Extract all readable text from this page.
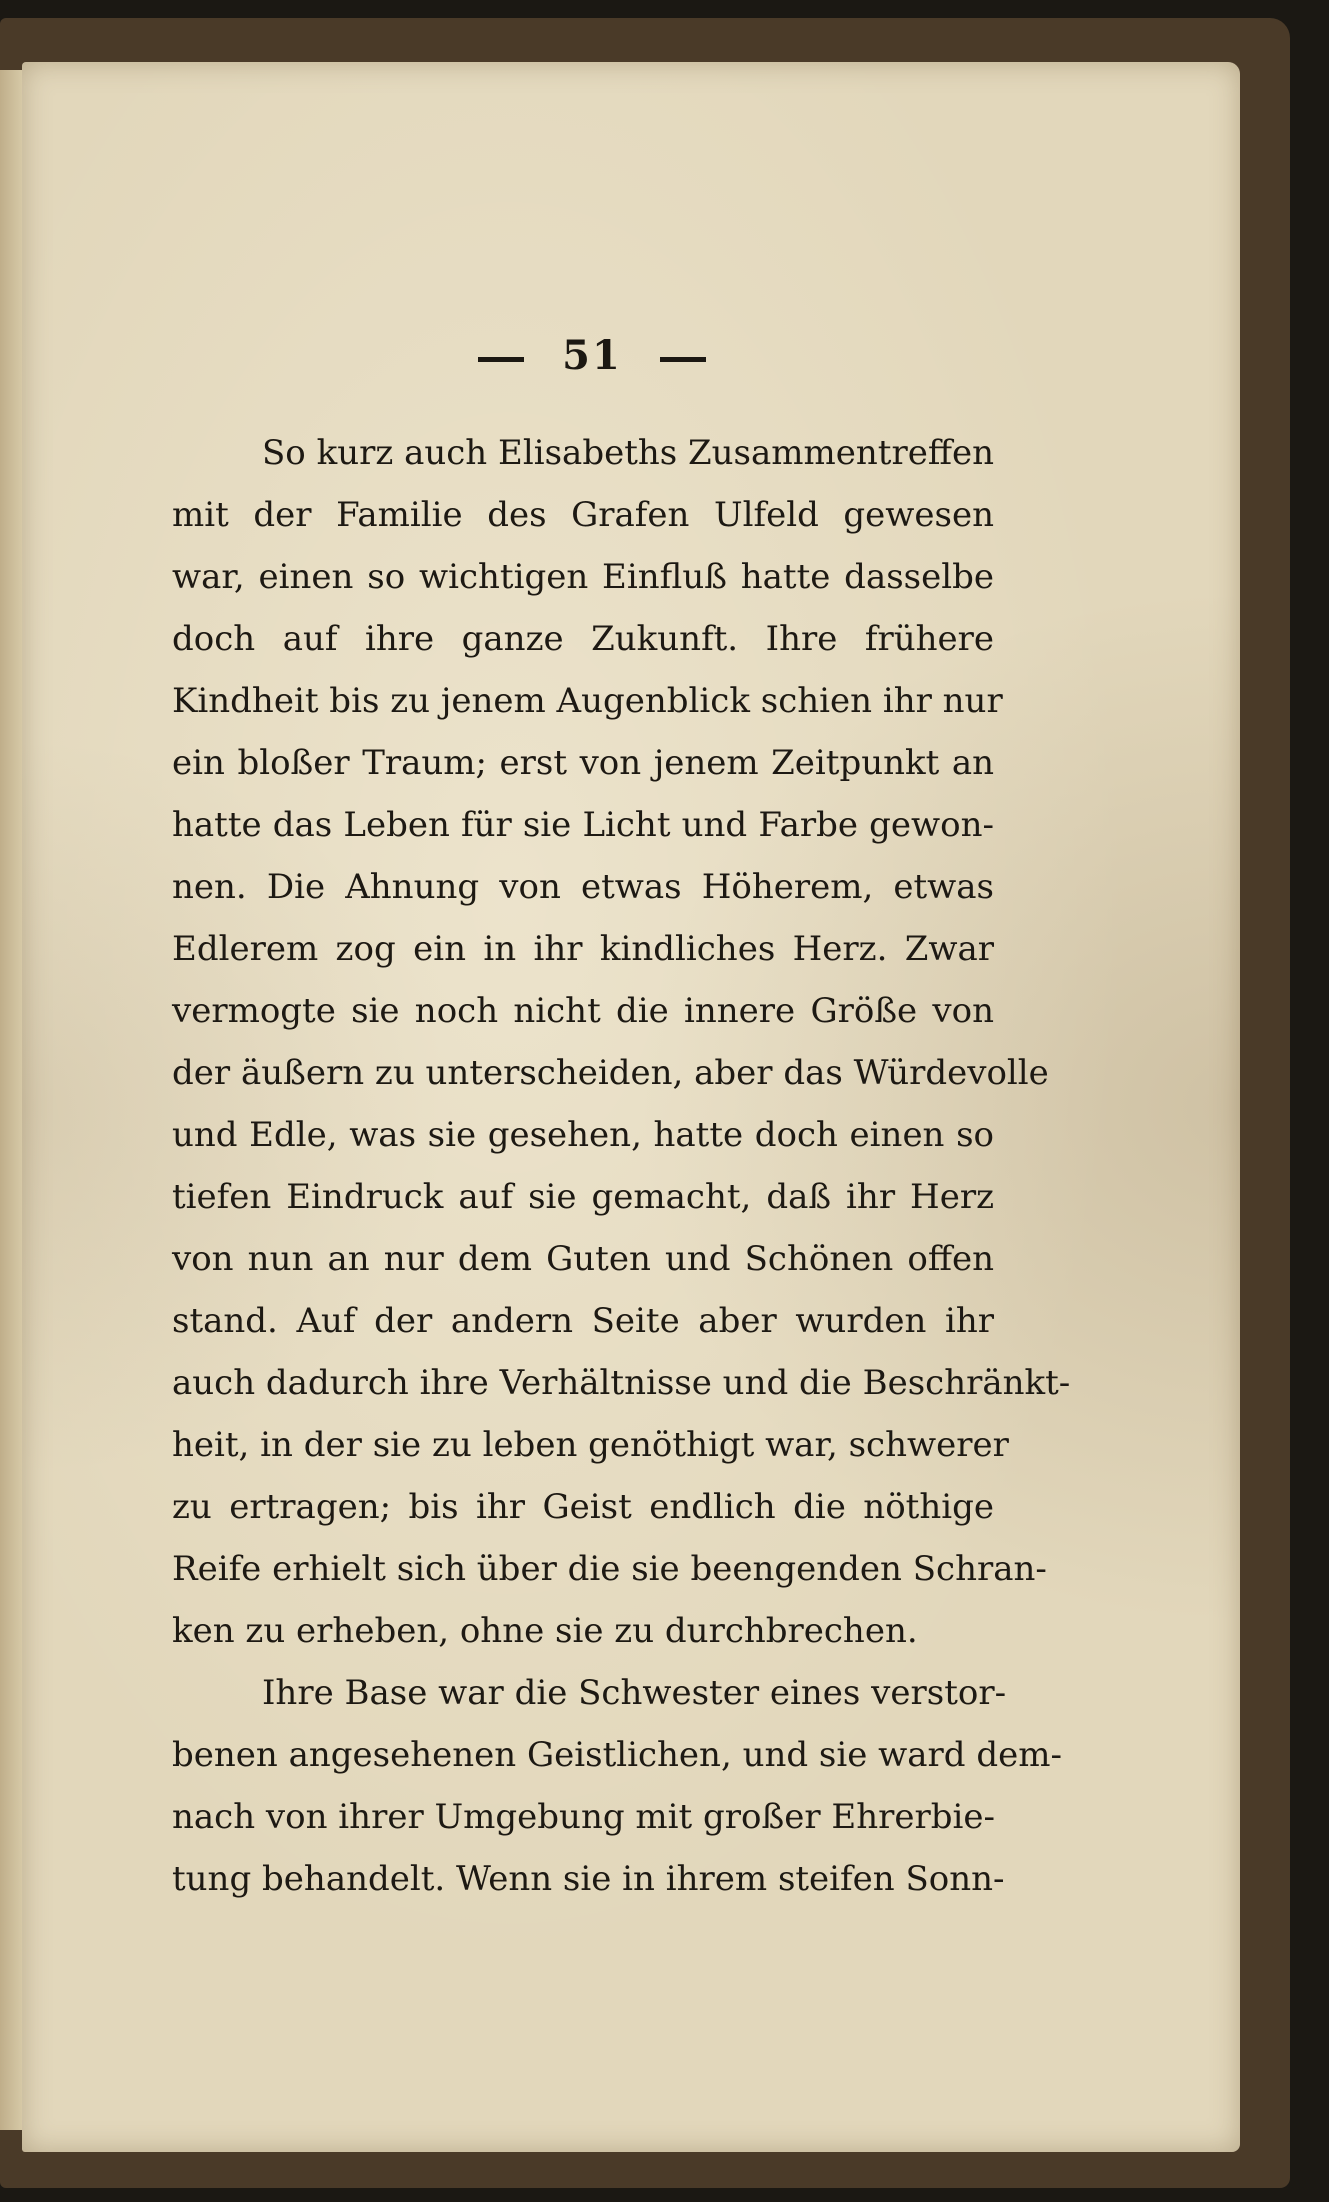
51
So kurz auch Elisabeths Zusammentreffen
mit der Familie des Grafen Ulfeld gewesen
war, einen so wichtigen Einfluß hatte dasselbe
doch auf ihre ganze Zukunft. Ihre frühere
Kindheit bis zu jenem Augenblick schien ihr nur
ein bloßer Traum; erst von jenem Zeitpunkt an
hatte das Leben für sie Licht und Farbe gewon-
nen. Die Ahnung von etwas Höherem, etwas
Edlerem zog ein in ihr kindliches Herz. Zwar
vermogte sie noch nicht die innere Größe von
der äußern zu unterscheiden, aber das Würdevolle
und Edle, was sie gesehen, hatte doch einen so
tiefen Eindruck auf sie gemacht, daß ihr Herz
von nun an nur dem Guten und Schönen offen
stand. Auf der andern Seite aber wurden ihr
auch dadurch ihre Verhältnisse und die Beschränkt-
heit, in der sie zu leben genöthigt war, schwerer
zu ertragen; bis ihr Geist endlich die nöthige
Reife erhielt sich über die sie beengenden Schran-
ken zu erheben, ohne sie zu durchbrechen.
Ihre Base war die Schwester eines verstor-
benen angesehenen Geistlichen, und sie ward dem-
nach von ihrer Umgebung mit großer Ehrerbie-
tung behandelt. Wenn sie in ihrem steifen Sonn-
